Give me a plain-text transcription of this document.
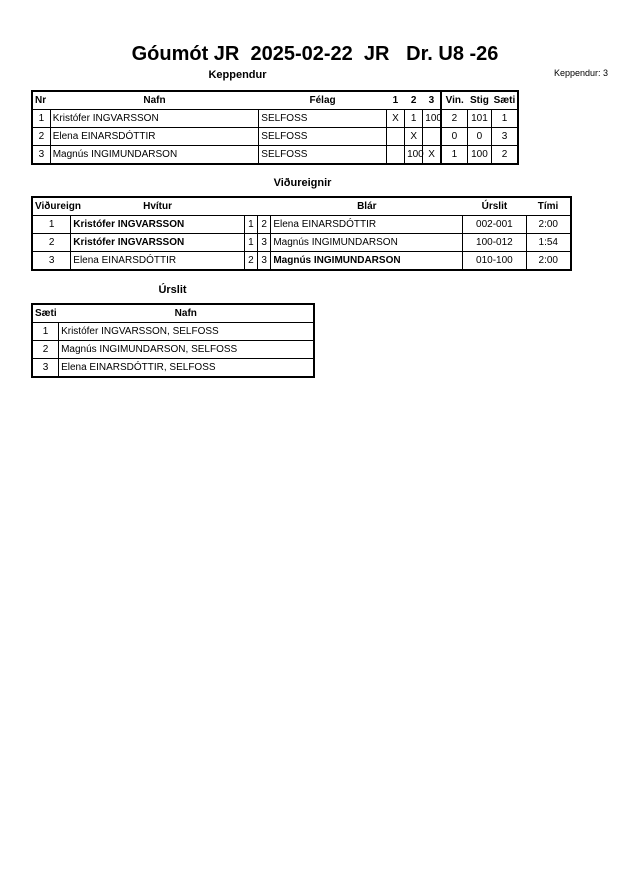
Góumót JR  2025-02-22  JR   Dr. U8 -26
Keppendur: 3
Keppendur
Nr	Nafn	Félag	1	2	3	Vin.	Stig	Sæti
1	Kristófer INGVARSSON	SELFOSS	X	1	100	2	101	1
2	Elena EINARSDÓTTIR	SELFOSS		X		0	0	3
3	Magnús INGIMUNDARSON	SELFOSS		100	X	1	100	2
Viðureignir
Viðureign	Hvítur			Blár	Úrslit	Tími
1	Kristófer INGVARSSON	1	2	Elena EINARSDÓTTIR	002-001	2:00
2	Kristófer INGVARSSON	1	3	Magnús INGIMUNDARSON	100-012	1:54
3	Elena EINARSDÓTTIR	2	3	Magnús INGIMUNDARSON	010-100	2:00
Úrslit
Sæti	Nafn
1	Kristófer INGVARSSON, SELFOSS
2	Magnús INGIMUNDARSON, SELFOSS
3	Elena EINARSDÓTTIR, SELFOSS
